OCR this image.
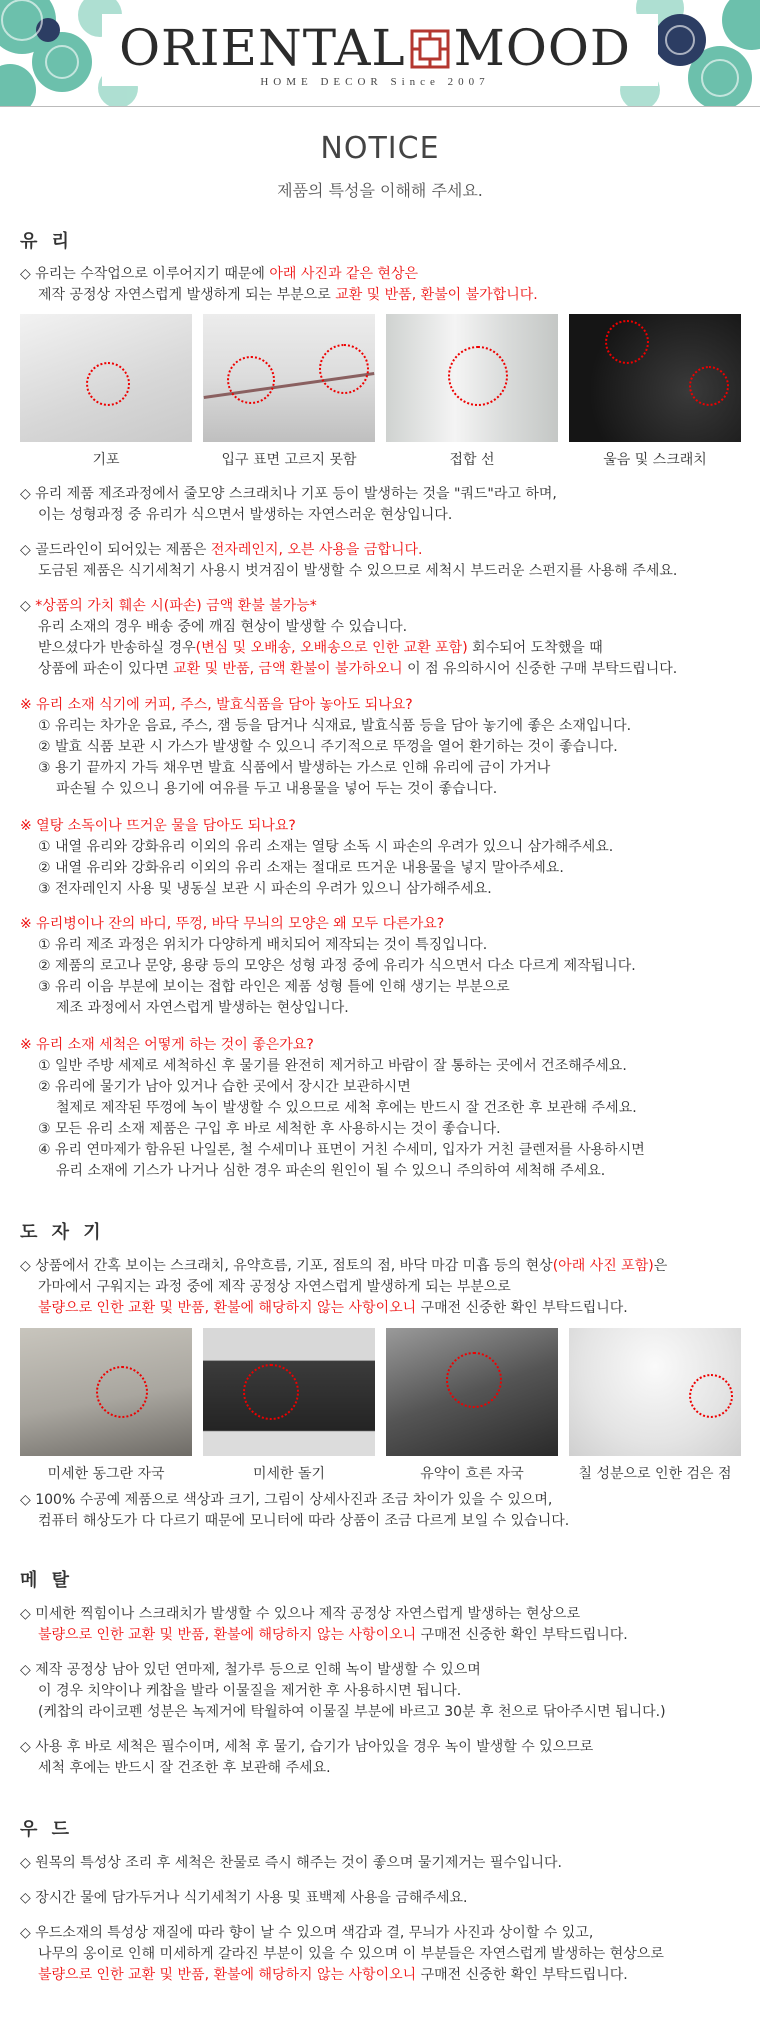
ORIENTAL MOOD
HOME DECOR Since 2007
NOTICE
제품의 특성을 이해해 주세요.
유 리
◇ 유리는 수작업으로 이루어지기 때문에 아래 사진과 같은 현상은
제작 공정상 자연스럽게 발생하게 되는 부분으로 교환 및 반품, 환불이 불가합니다.
기포	입구 표면 고르지 못함	접합 선	울음 및 스크래치
◇ 유리 제품 제조과정에서 줄모양 스크래치나 기포 등이 발생하는 것을 "쿼드"라고 하며,
이는 성형과정 중 유리가 식으면서 발생하는 자연스러운 현상입니다.
◇ 골드라인이 되어있는 제품은 전자레인지, 오븐 사용을 금합니다.
도금된 제품은 식기세척기 사용시 벗겨짐이 발생할 수 있으므로 세척시 부드러운 스펀지를 사용해 주세요.
◇ *상품의 가치 훼손 시(파손) 금액 환불 불가능*
유리 소재의 경우 배송 중에 깨짐 현상이 발생할 수 있습니다.
받으셨다가 반송하실 경우(변심 및 오배송, 오배송으로 인한 교환 포함) 회수되어 도착했을 때
상품에 파손이 있다면 교환 및 반품, 금액 환불이 불가하오니 이 점 유의하시어 신중한 구매 부탁드립니다.
※ 유리 소재 식기에 커피, 주스, 발효식품을 담아 놓아도 되나요?
① 유리는 차가운 음료, 주스, 잼 등을 담거나 식재료, 발효식품 등을 담아 놓기에 좋은 소재입니다.
② 발효 식품 보관 시 가스가 발생할 수 있으니 주기적으로 뚜껑을 열어 환기하는 것이 좋습니다.
③ 용기 끝까지 가득 채우면 발효 식품에서 발생하는 가스로 인해 유리에 금이 가거나
파손될 수 있으니 용기에 여유를 두고 내용물을 넣어 두는 것이 좋습니다.
※ 열탕 소독이나 뜨거운 물을 담아도 되나요?
① 내열 유리와 강화유리 이외의 유리 소재는 열탕 소독 시 파손의 우려가 있으니 삼가해주세요.
② 내열 유리와 강화유리 이외의 유리 소재는 절대로 뜨거운 내용물을 넣지 말아주세요.
③ 전자레인지 사용 및 냉동실 보관 시 파손의 우려가 있으니 삼가해주세요.
※ 유리병이나 잔의 바디, 뚜껑, 바닥 무늬의 모양은 왜 모두 다른가요?
① 유리 제조 과정은 위치가 다양하게 배치되어 제작되는 것이 특징입니다.
② 제품의 로고나 문양, 용량 등의 모양은 성형 과정 중에 유리가 식으면서 다소 다르게 제작됩니다.
③ 유리 이음 부분에 보이는 접합 라인은 제품 성형 틀에 인해 생기는 부분으로
제조 과정에서 자연스럽게 발생하는 현상입니다.
※ 유리 소재 세척은 어떻게 하는 것이 좋은가요?
① 일반 주방 세제로 세척하신 후 물기를 완전히 제거하고 바람이 잘 통하는 곳에서 건조해주세요.
② 유리에 물기가 남아 있거나 습한 곳에서 장시간 보관하시면
철제로 제작된 뚜껑에 녹이 발생할 수 있으므로 세척 후에는 반드시 잘 건조한 후 보관해 주세요.
③ 모든 유리 소재 제품은 구입 후 바로 세척한 후 사용하시는 것이 좋습니다.
④ 유리 연마제가 함유된 나일론, 철 수세미나 표면이 거친 수세미, 입자가 거친 클렌저를 사용하시면
유리 소재에 기스가 나거나 심한 경우 파손의 원인이 될 수 있으니 주의하여 세척해 주세요.
도 자 기
◇ 상품에서 간혹 보이는 스크래치, 유약흐름, 기포, 점토의 점, 바닥 마감 미흡 등의 현상(아래 사진 포함)은
가마에서 구워지는 과정 중에 제작 공정상 자연스럽게 발생하게 되는 부분으로
불량으로 인한 교환 및 반품, 환불에 해당하지 않는 사항이오니 구매전 신중한 확인 부탁드립니다.
미세한 동그란 자국	미세한 돌기	유약이 흐른 자국	칠 성분으로 인한 검은 점
◇ 100% 수공예 제품으로 색상과 크기, 그림이 상세사진과 조금 차이가 있을 수 있으며,
컴퓨터 해상도가 다 다르기 때문에 모니터에 따라 상품이 조금 다르게 보일 수 있습니다.
메 탈
◇ 미세한 찍힘이나 스크래치가 발생할 수 있으나 제작 공정상 자연스럽게 발생하는 현상으로
불량으로 인한 교환 및 반품, 환불에 해당하지 않는 사항이오니 구매전 신중한 확인 부탁드립니다.
◇ 제작 공정상 남아 있던 연마제, 철가루 등으로 인해 녹이 발생할 수 있으며
이 경우 치약이나 케찹을 발라 이물질을 제거한 후 사용하시면 됩니다.
(케찹의 라이코펜 성분은 녹제거에 탁월하여 이물질 부분에 바르고 30분 후 천으로 닦아주시면 됩니다.)
◇ 사용 후 바로 세척은 필수이며, 세척 후 물기, 습기가 남아있을 경우 녹이 발생할 수 있으므로
세척 후에는 반드시 잘 건조한 후 보관해 주세요.
우 드
◇ 원목의 특성상 조리 후 세척은 찬물로 즉시 해주는 것이 좋으며 물기제거는 필수입니다.
◇ 장시간 물에 담가두거나 식기세척기 사용 및 표백제 사용을 금해주세요.
◇ 우드소재의 특성상 재질에 따라 향이 날 수 있으며 색감과 결, 무늬가 사진과 상이할 수 있고,
나무의 옹이로 인해 미세하게 갈라진 부분이 있을 수 있으며 이 부분들은 자연스럽게 발생하는 현상으로
불량으로 인한 교환 및 반품, 환불에 해당하지 않는 사항이오니 구매전 신중한 확인 부탁드립니다.
